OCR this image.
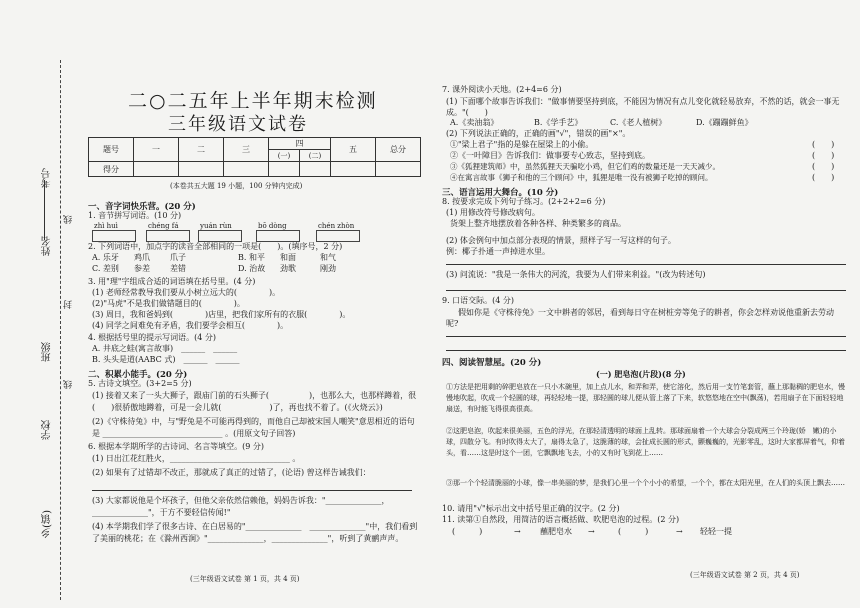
考号
姓名
班级
学校
乡(镇)
线
封
线
二○二五年上半年期末检测
三年级语文试卷
题号	一	二	三	四		五	总分
				(一)	(二)		
得分							
(本卷共五大题 19 小题，100 分钟内完成)
一、音字词快乐营。(20 分)
1. 音节拼写词语。(10 分)
zhì huì	chéng fá	yuán rùn	bō dòng	chén zhòn
2. 下列词语中，加点字的读音全部相同的一项是(　　)。(填序号，2 分)
A. 乐牙 鸡爪	爪子	B. 和平 和面	和气
C. 差别 参差	差错	D. 治故 劲歌	刚劲
3. 用"理"字组成合适的词语填在括号里。(4 分)
(1) 老师经常教导我们要从小树立远大的(　　　　)。
(2)"马虎"不是我们做错题目的(　　　　)。
(3) 周日，我和爸妈到(　　　　)店里，把我们家所有的衣服(　　　　)。
(4) 同学之间难免有矛盾，我们要学会相互(　　　　)。
4. 根据括号里的提示写词语。(4 分)
A. 井底之蛙(寓言故事)　______　______
B. 头头是道(AABC 式)　______　______
二、积累小能手。(20 分)
5. 古诗文填空。(3+2=5 分)
(1) 接着又来了一头大狮子，跟庙门前的石头狮子(　　　　　)，也那么大，也那样蹲着，很(　　)很骄傲地蹲着，可是一会儿就(　　　　　　)了，再也找不着了。(《火烧云》)
(2)《守株待兔》中，与"野兔是不可能再得到的，而他自己却被宋国人嘲笑"意思相近的语句是 ______________________________ 。(用原文句子回答)
6. 根据本学期所学的古诗词、名言等填空。(9 分)
(1) 日出江花红胜火，______________________________ 。
(2) 如果有了过错却不改正，那就成了真正的过错了，(论语) 曾这样告诫我们：
(3) 大家都说他是个坏孩子，但他父亲依然信赖他，妈妈告诉我："______________，______________"，于方不要轻信传闻!"
(4) 本学期我们学了很多古诗、在白居易的"______________　______________"中，我们看到了美丽的桃花；在《滁州西涧》"______________，______________"，听到了黄鹂声声。
(三年级语文试卷 第 1 页，共 4 页)
7. 课外阅读小天地。(2+4=6 分)
(1) 下面哪个故事告诉我们："做事情要坚持到底，不能因为情况有点儿变化就轻易放弃，不然的话，就会一事无成。"(　　)
A.《卖油翁》	B.《学手艺》	C.《老人植树》	D.《蹦蹦鲜鱼》
(2) 下列说法正确的，正确的画"√"，错误的画"×"。
①"梁上君子"指的是躲在屋梁上的小偷。
②《一叶障目》告诉我们：做事要专心致志，坚持到底。
③《狐狸建筑师》中，虽然狐狸天天骗吃小鸡，但它们鸡的数量还是一天天减少。
④在寓言故事《狮子和他的三个顾问》中，狐狸是唯一没有被狮子吃掉的顾问。
(　　)
(　　)
(　　)
(　　)
三、语言运用大舞台。(10 分)
8. 按要求完成下列句子练习。(2+2+2=6 分)
(1) 用修改符号修改病句。
货架上整齐地摆放着各种各样、种类繁多的商品。
(2) 体会例句中加点部分表现的情景，照样子写一写这样的句子。
例：椰子扑通一声掉进水里。
(3) 问流说："我是一条伟大的河流，我要为人们带来利益。"(改为转述句)
9. 口语交际。(4 分)
假如你是《守株待兔》一文中耕者的邻居，看到每日守在树桩旁等兔子的耕者，你会怎样劝说他重新去劳动呢?
四、阅读智慧屋。(20 分)
(一) 肥皂泡(片段)(8 分)
①方法是把用剩的碎肥皂放在一只小木碗里，加上点儿水，和弄和弄，使它溶化，然后用一支竹笔套管，蘸上那黏稠的肥皂水，慢慢地吹起，吹成一个轻圆的球，再轻轻地一提，那轻圆的球儿便从管上落了下来，软悠悠地在空中(飘荡)，若用扇子在下面轻轻地扇送，有时能飞得很高很高。
②这肥皂泡，吹起来很美丽，五色的浮光，在那轻清透明的球面上乱转。那球面扇着一个大球会分裂成两三个玲珑(娇　嫩)的小球，四散分飞。有时吹得太大了，扇得太急了，这脆薄的球，会扯成长圆的形式，颤巍巍的，光影零乱，这时大家都屏着气，仰着头，看……这是时这个一团，它飘飘地飞去，小的又有时飞到花上……
③那一个个轻清脆丽的小球，像一串美丽的梦，是我们心里一个个小小的希望，一个个，都在太阳光里，在人们的头顶上飘去……
10. 请用"√"标示出文中括号里正确的汉字。(2 分)
11. 读第①自然段，用简洁的语言概括做、吹肥皂泡的过程。(2 分)
(　　　)	→ 蘸肥皂水 →	(　　　)	→ 轻轻一提
(三年级语文试卷 第 2 页，共 4 页)
